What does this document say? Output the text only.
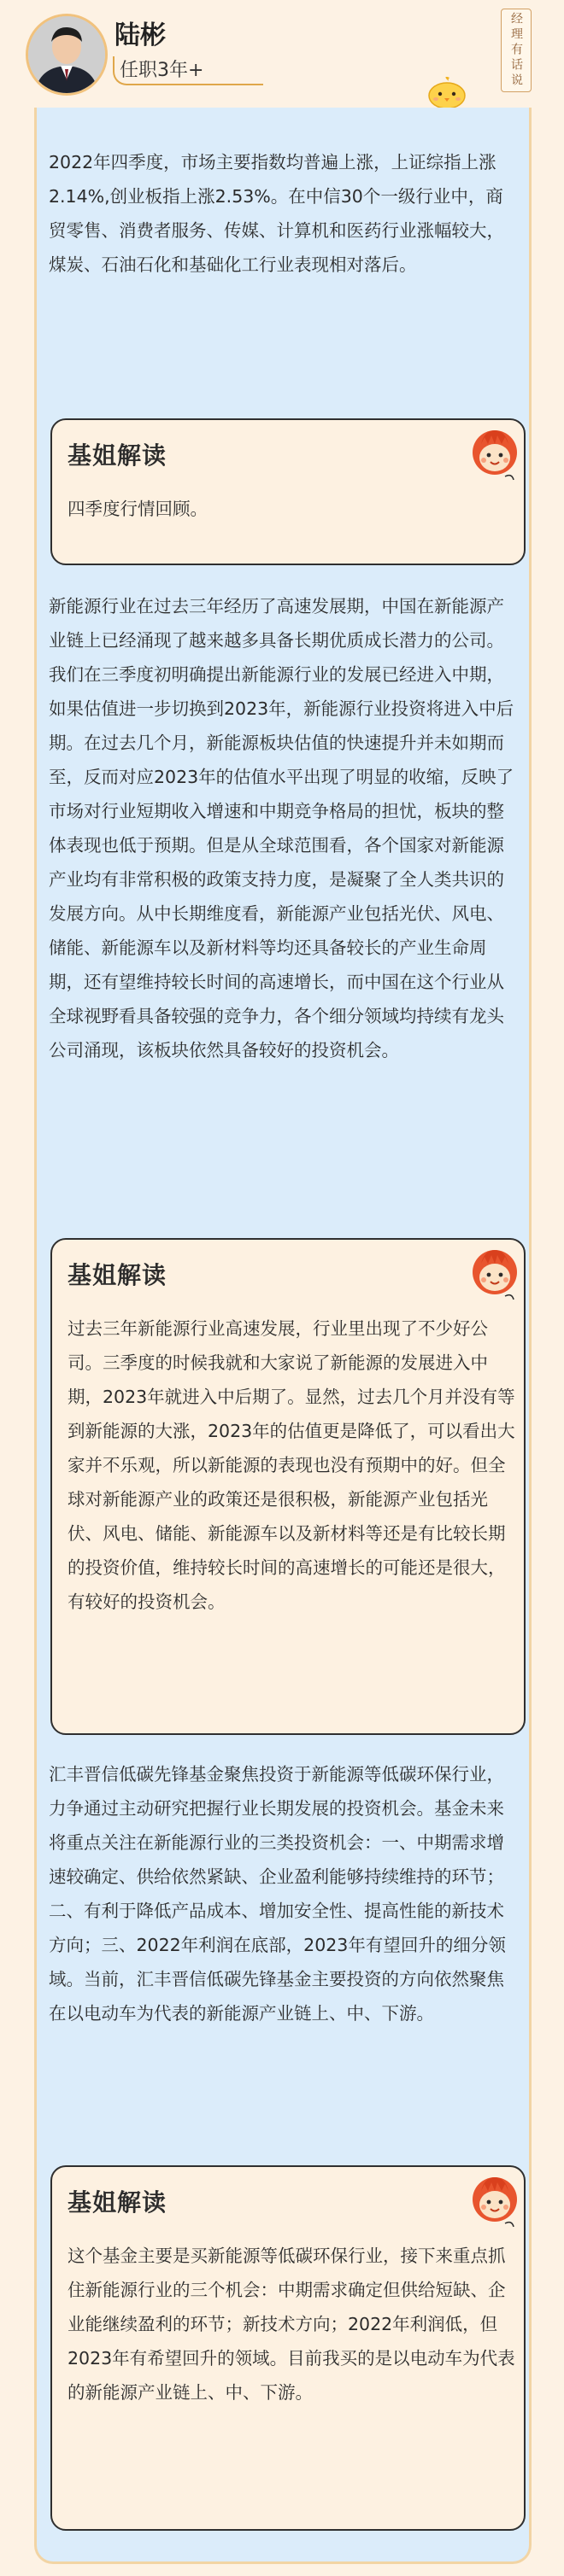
陆彬
任职3年+	经理有话说
2022年四季度，市场主要指数均普遍上涨，上证综指上涨2.14%,创业板指上涨2.53%。在中信30个一级行业中，商贸零售、消费者服务、传媒、计算机和医药行业涨幅较大，煤炭、石油石化和基础化工行业表现相对落后。
基姐解读
四季度行情回顾。
新能源行业在过去三年经历了高速发展期，中国在新能源产业链上已经涌现了越来越多具备长期优质成长潜力的公司。我们在三季度初明确提出新能源行业的发展已经进入中期，如果估值进一步切换到2023年，新能源行业投资将进入中后期。在过去几个月，新能源板块估值的快速提升并未如期而至，反而对应2023年的估值水平出现了明显的收缩，反映了市场对行业短期收入增速和中期竞争格局的担忧，板块的整体表现也低于预期。但是从全球范围看，各个国家对新能源产业均有非常积极的政策支持力度，是凝聚了全人类共识的发展方向。从中长期维度看，新能源产业包括光伏、风电、储能、新能源车以及新材料等均还具备较长的产业生命周期，还有望维持较长时间的高速增长，而中国在这个行业从全球视野看具备较强的竞争力，各个细分领域均持续有龙头公司涌现，该板块依然具备较好的投资机会。
基姐解读
过去三年新能源行业高速发展，行业里出现了不少好公司。三季度的时候我就和大家说了新能源的发展进入中期，2023年就进入中后期了。显然，过去几个月并没有等到新能源的大涨，2023年的估值更是降低了，可以看出大家并不乐观，所以新能源的表现也没有预期中的好。但全球对新能源产业的政策还是很积极，新能源产业包括光伏、风电、储能、新能源车以及新材料等还是有比较长期的投资价值，维持较长时间的高速增长的可能还是很大，有较好的投资机会。
汇丰晋信低碳先锋基金聚焦投资于新能源等低碳环保行业，力争通过主动研究把握行业长期发展的投资机会。基金未来将重点关注在新能源行业的三类投资机会：一、中期需求增速较确定、供给依然紧缺、企业盈利能够持续维持的环节；二、有利于降低产品成本、增加安全性、提高性能的新技术方向；三、2022年利润在底部，2023年有望回升的细分领域。当前，汇丰晋信低碳先锋基金主要投资的方向依然聚焦在以电动车为代表的新能源产业链上、中、下游。
基姐解读
这个基金主要是买新能源等低碳环保行业，接下来重点抓住新能源行业的三个机会：中期需求确定但供给短缺、企业能继续盈利的环节；新技术方向；2022年利润低，但2023年有希望回升的领域。目前我买的是以电动车为代表的新能源产业链上、中、下游。
